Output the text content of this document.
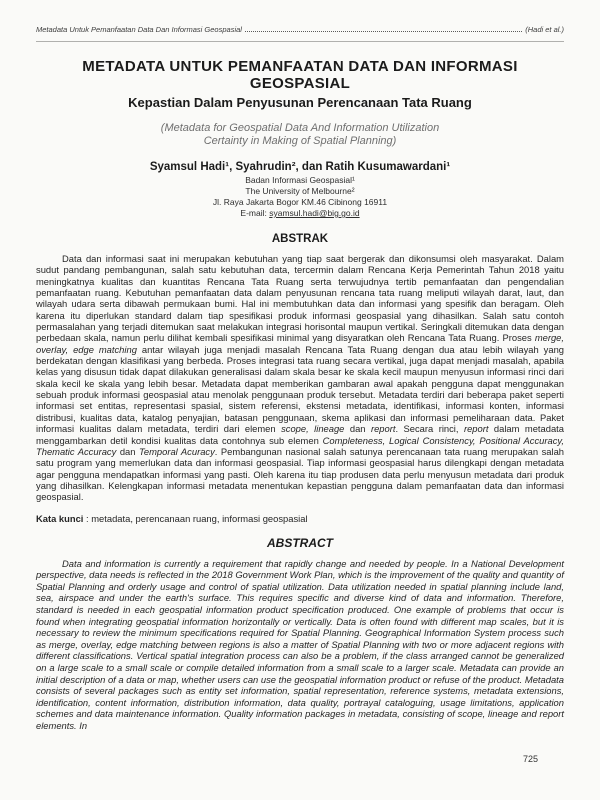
Metadata Untuk Pemanfaatan Data Dan Informasi Geospasial	(Hadi et al.)
METADATA UNTUK PEMANFAATAN DATA DAN INFORMASI GEOSPASIAL
Kepastian Dalam Penyusunan Perencanaan Tata Ruang
(Metadata for Geospatial Data And Information Utilization Certainty in Making of Spatial Planning)
Syamsul Hadi¹, Syahrudin², dan Ratih Kusumawardani¹
Badan Informasi Geospasial¹
The University of Melbourne²
Jl. Raya Jakarta Bogor KM.46 Cibinong 16911
E-mail: syamsul.hadi@big.go.id
ABSTRAK

Data dan informasi saat ini merupakan kebutuhan yang tiap saat bergerak dan dikonsumsi oleh masyarakat. Dalam sudut pandang pembangunan, salah satu kebutuhan data, tercermin dalam Rencana Kerja Pemerintah Tahun 2018 yaitu meningkatnya kualitas dan kuantitas Rencana Tata Ruang serta terwujudnya tertib pemanfaatan dan pengendalian pemanfaatan ruang. Kebutuhan pemanfaatan data dalam penyusunan rencana tata ruang meliputi wilayah darat, laut, dan wilayah udara serta dibawah permukaan bumi. Hal ini membutuhkan data dan informasi yang spesifik dan beragam. Oleh karena itu diperlukan standard dalam tiap spesifikasi produk informasi geospasial yang dihasilkan. Salah satu contoh permasalahan yang terjadi ditemukan saat melakukan integrasi horisontal maupun vertikal. Seringkali ditemukan data dengan perbedaan skala, namun perlu dilihat kembali spesifikasi minimal yang disyaratkan oleh Rencana Tata Ruang. Proses merge, overlay, edge matching antar wilayah juga menjadi masalah Rencana Tata Ruang dengan dua atau lebih wilayah yang berdekatan dengan klasifikasi yang berbeda. Proses integrasi tata ruang secara vertikal, juga dapat menjadi masalah, apabila kelas yang disusun tidak dapat dilakukan generalisasi dalam skala besar ke skala kecil maupun menyusun informasi rinci dari skala kecil ke skala yang lebih besar. Metadata dapat memberikan gambaran awal apakah pengguna dapat menggunakan sebuah produk informasi geospasial atau menolak penggunaan produk tersebut. Metadata terdiri dari beberapa paket seperti informasi set entitas, representasi spasial, sistem referensi, ekstensi metadata, identifikasi, informasi konten, informasi distribusi, kualitas data, katalog penyajian, batasan penggunaan, skema aplikasi dan informasi pemeliharaan data. Paket informasi kualitas dalam metadata, terdiri dari elemen scope, lineage dan report. Secara rinci, report dalam metadata menggambarkan detil kondisi kualitas data contohnya sub elemen Completeness, Logical Consistency, Positional Accuracy, Thematic Accuracy dan Temporal Acuracy. Pembangunan nasional salah satunya perencanaan tata ruang merupakan salah satu program yang memerlukan data dan informasi geospasial. Tiap informasi geospasial harus dilengkapi dengan metadata agar pengguna mendapatkan informasi yang pasti. Oleh karena itu tiap produsen data perlu menyusun metadata dari produk yang dihasilkan. Kelengkapan informasi metadata menentukan kepastian pengguna dalam pemanfaatan data dan informasi geospasial.

Kata kunci : metadata, perencanaan ruang, informasi geospasial
ABSTRACT

Data and information is currently a requirement that rapidly change and needed by people. In a National Development perspective, data needs is reflected in the 2018 Government Work Plan, which is the improvement of the quality and quantity of Spatial Planning and orderly usage and control of spatial utilization. Data utilization needed in spatial planning include land, sea, airspace and under the earth's surface. This requires specific and diverse kind of data and information. Therefore, standard is needed in each geospatial information product specification produced. One example of problems that occur is found when integrating geospatial information horizontally or vertically. Data is often found with different map scales, but it is necessary to review the minimum specifications required for Spatial Planning. Geographical Information System process such as merge, overlay, edge matching between regions is also a matter of Spatial Planning with two or more adjacent regions with different classifications. Vertical spatial integration process can also be a problem, if the class arranged cannot be generalized on a large scale to a small scale or compile detailed information from a small scale to a larger scale. Metadata can provide an initial description of a data or map, whether users can use the geospatial information product or refuse of the product. Metadata consists of several packages such as entity set information, spatial representation, reference systems, metadata extensions, identification, content information, distribution information, data quality, portrayal cataloguing, usage limitations, application schemes and data maintenance information. Quality information packages in metadata, consisting of scope, lineage and report elements. In

725
